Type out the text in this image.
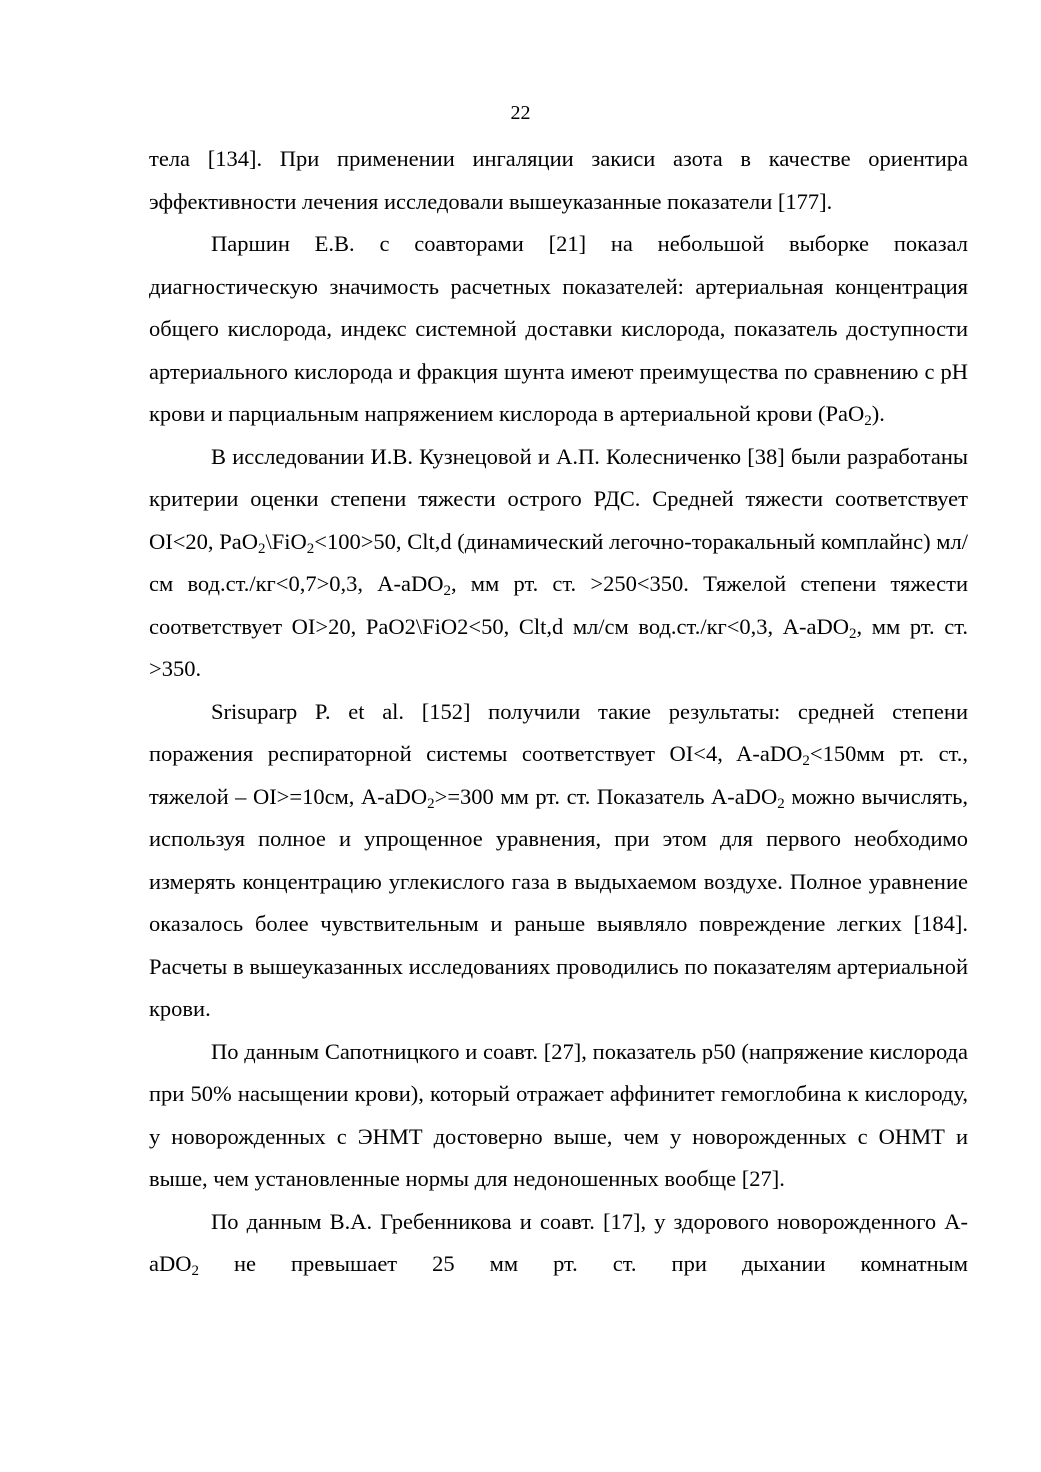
22

тела [134]. При применении ингаляции закиси азота в качестве ориентира эффективности лечения исследовали вышеуказанные показатели [177].

Паршин Е.В. с соавторами [21] на небольшой выборке показал диагностическую значимость расчетных показателей: артериальная концентрация общего кислорода, индекс системной доставки кислорода, показатель доступности артериального кислорода и фракция шунта имеют преимущества по сравнению с pH крови и парциальным напряжением кислорода в артериальной крови (PaO$_2$).

В исследовании И.В. Кузнецовой и А.П. Колесниченко [38] были разработаны критерии оценки степени тяжести острого РДС. Средней тяжести соответствует OI<20, PaO$_2$\FiO$_2$<100>50, Clt,d (динамический легочно-торакальный комплайнс) мл/см вод.ст./кг<0,7>0,3, A-aDO$_2$, мм рт. ст. >250<350. Тяжелой степени тяжести соответствует OI>20, PaO2\FiO2<50, Clt,d мл/см вод.ст./кг<0,3, A-aDO$_2$, мм рт. ст. >350.

Srisuparp P. et al. [152] получили такие результаты: средней степени поражения респираторной системы соответствует OI<4, A-aDO$_2$<150мм рт. ст., тяжелой – OI>=10см, A-aDO$_2$>=300 мм рт. ст. Показатель A-aDO$_2$ можно вычислять, используя полное и упрощенное уравнения, при этом для первого необходимо измерять концентрацию углекислого газа в выдыхаемом воздухе. Полное уравнение оказалось более чувствительным и раньше выявляло повреждение легких [184]. Расчеты в вышеуказанных исследованиях проводились по показателям артериальной крови.

По данным Сапотницкого и соавт. [27], показатель p50 (напряжение кислорода при 50% насыщении крови), который отражает аффинитет гемоглобина к кислороду, у новорожденных с ЭНМТ достоверно выше, чем у новорожденных с ОНМТ и выше, чем установленные нормы для недоношенных вообще [27].

По данным В.А. Гребенникова и соавт. [17], у здорового новорожденного A-aDO$_2$ не превышает 25 мм рт. ст. при дыхании комнатным
